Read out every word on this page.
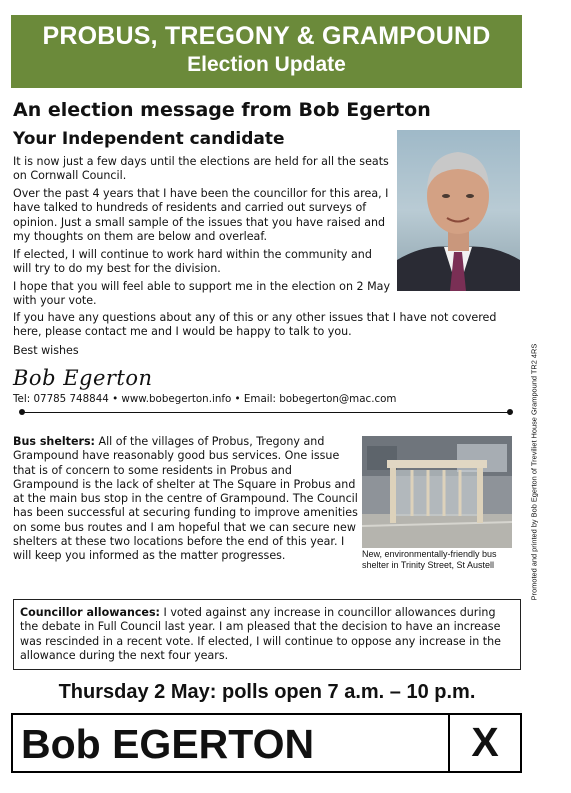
PROBUS, TREGONY & GRAMPOUND
Election Update
An election message from Bob Egerton
Your Independent candidate

It is now just a few days until the elections are held for all the seats on Cornwall Council.

Over the past 4 years that I have been the councillor for this area, I have talked to hundreds of residents and carried out surveys of opinion. Just a small sample of the issues that you have raised and my thoughts on them are below and overleaf.

If elected, I will continue to work hard within the community and will try to do my best for the division.

I hope that you will feel able to support me in the election on 2 May with your vote.

If you have any questions about any of this or any other issues that I have not covered here, please contact me and I would be happy to talk to you.

Best wishes

Bob Egerton
Tel: 07785 748844 • www.bobegerton.info • Email: bobegerton@mac.com

Bus shelters: All of the villages of Probus, Tregony and Grampound have reasonably good bus services. One issue that is of concern to some residents in Probus and Grampound is the lack of shelter at The Square in Probus and at the main bus stop in the centre of Grampound. The Council has been successful at securing funding to improve amenities on some bus routes and I am hopeful that we can secure new shelters at these two locations before the end of this year. I will keep you informed as the matter progresses.	New, environmentally-friendly bus shelter in Trinity Street, St Austell
Councillor allowances: I voted against any increase in councillor allowances during the debate in Full Council last year. I am pleased that the decision to have an increase was rescinded in a recent vote. If elected, I will continue to oppose any increase in the allowance during the next four years.
Thursday 2 May: polls open 7 a.m. – 10 p.m.
Bob EGERTON	X
Promoted and printed by Bob Egerton of Treviliet House Grampound TR2 4RS
